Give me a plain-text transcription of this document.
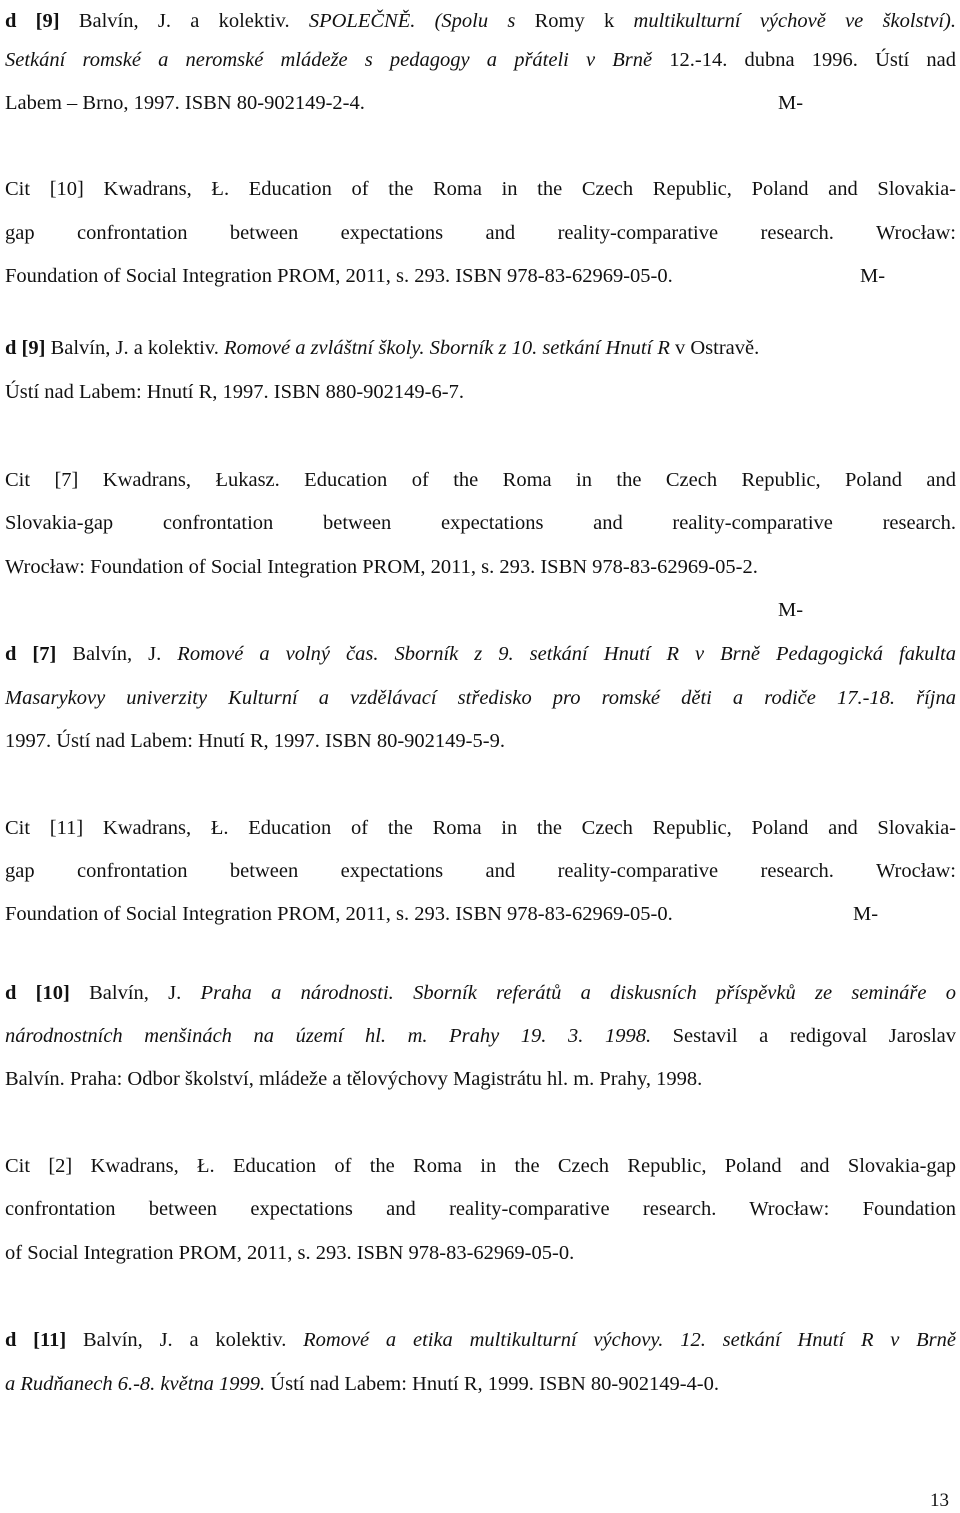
d [9] Balvín, J. a kolektiv. SPOLEČNĚ. (Spolu s Romy k multikulturní výchově ve školství).
Setkání romské a neromské mládeže s pedagogy a přáteli v Brně 12.-14. dubna 1996. Ústí nad
Labem – Brno, 1997. ISBN 80-902149-2-4.	M-
Cit [10] Kwadrans, Ł. Education of the Roma in the Czech Republic, Poland and Slovakia-
gap confrontation between expectations and reality-comparative research. Wrocław:
Foundation of Social Integration PROM, 2011, s. 293. ISBN 978-83-62969-05-0.	M-
d [9] Balvín, J. a kolektiv. Romové a zvláštní školy. Sborník z 10. setkání Hnutí R v Ostravě.
Ústí nad Labem: Hnutí R, 1997. ISBN 880-902149-6-7.
Cit [7] Kwadrans, Łukasz. Education of the Roma in the Czech Republic, Poland and
Slovakia-gap confrontation between expectations and reality-comparative research.
Wrocław: Foundation of Social Integration PROM, 2011, s. 293. ISBN 978-83-62969-05-2.
M-
d [7] Balvín, J. Romové a volný čas. Sborník z 9. setkání Hnutí R v Brně Pedagogická fakulta
Masarykovy univerzity Kulturní a vzdělávací středisko pro romské děti a rodiče 17.-18. října
1997. Ústí nad Labem: Hnutí R, 1997. ISBN 80-902149-5-9.
Cit [11] Kwadrans, Ł. Education of the Roma in the Czech Republic, Poland and Slovakia-
gap confrontation between expectations and reality-comparative research. Wrocław:
Foundation of Social Integration PROM, 2011, s. 293. ISBN 978-83-62969-05-0.	M-
d [10] Balvín, J. Praha a národnosti. Sborník referátů a diskusních příspěvků ze semináře o
národnostních menšinách na území hl. m. Prahy 19. 3. 1998. Sestavil a redigoval Jaroslav
Balvín. Praha: Odbor školství, mládeže a tělovýchovy Magistrátu hl. m. Prahy, 1998.
Cit [2] Kwadrans, Ł. Education of the Roma in the Czech Republic, Poland and Slovakia-gap
confrontation between expectations and reality-comparative research. Wrocław: Foundation
of Social Integration PROM, 2011, s. 293. ISBN 978-83-62969-05-0.
d [11] Balvín, J. a kolektiv. Romové a etika multikulturní výchovy. 12. setkání Hnutí R v Brně
a Rudňanech 6.-8. května 1999. Ústí nad Labem: Hnutí R, 1999. ISBN 80-902149-4-0.
13
